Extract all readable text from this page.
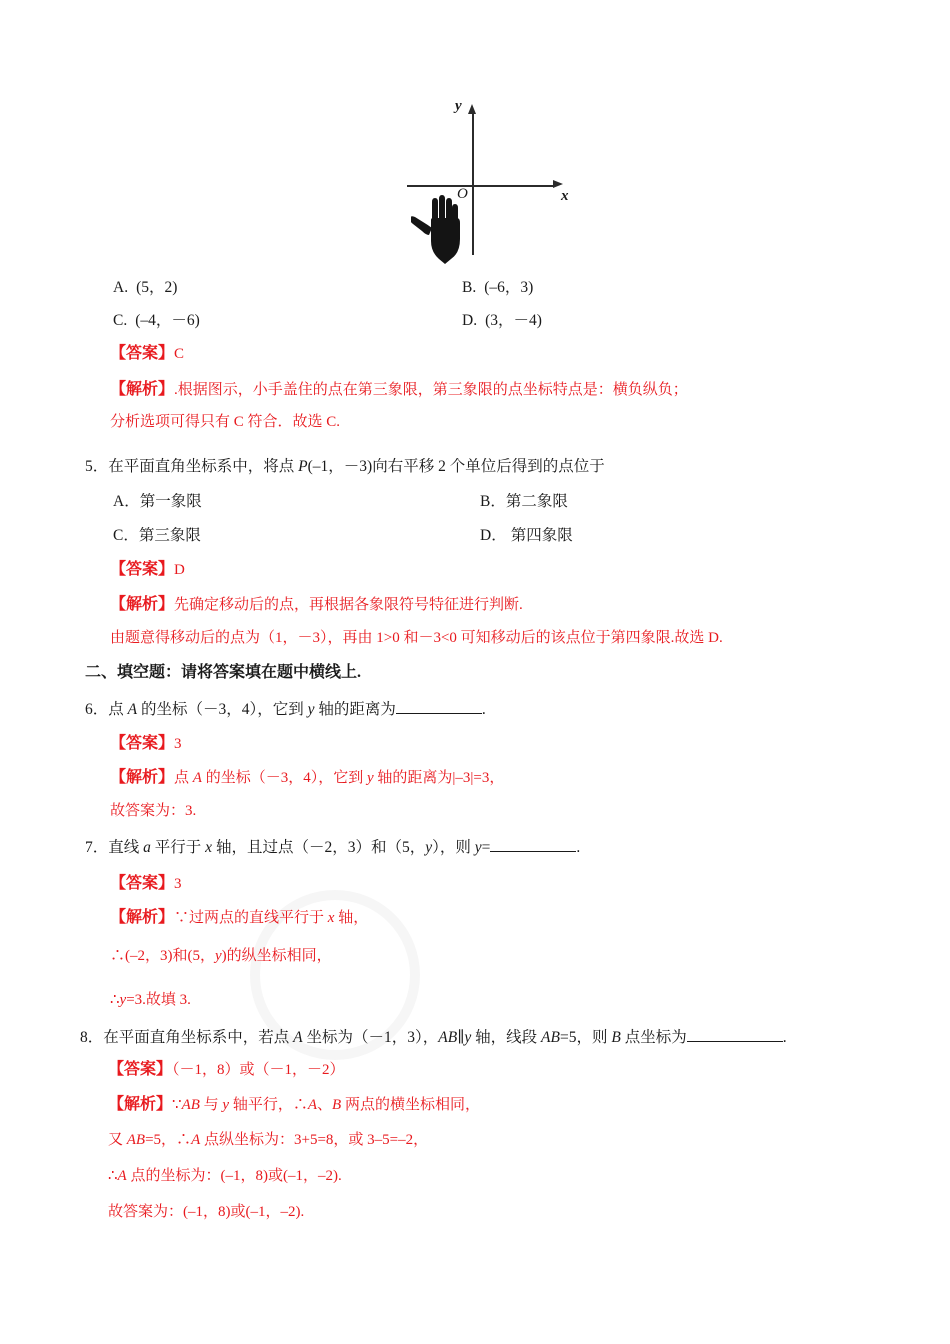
y
x
O
A. (5，2)	B. (–6，3)
C. (–4，－6)	D. (3，－4)
【答案】C
【解析】.根据图示，小手盖住的点在第三象限，第三象限的点坐标特点是：横负纵负；
分析选项可得只有 C 符合．故选 C.
5．在平面直角坐标系中，将点 P(–1，－3)向右平移 2 个单位后得到的点位于
A．第一象限	B．第二象限
C．第三象限	D． 第四象限
【答案】D
【解析】先确定移动后的点，再根据各象限符号特征进行判断.
由题意得移动后的点为（1，－3），再由 1>0 和－3<0 可知移动后的该点位于第四象限.故选 D.
二、填空题：请将答案填在题中横线上.
6．点 A 的坐标（－3，4），它到 y 轴的距离为	.
【答案】3
【解析】点 A 的坐标（－3，4），它到 y 轴的距离为|–3|=3，
故答案为：3.
7．直线 a 平行于 x 轴，且过点（－2，3）和（5，y），则 y=	.
【答案】3
【解析】∵过两点的直线平行于 x 轴，
∴(–2，3)和(5，y)的纵坐标相同，
∴y=3.故填 3.
8．在平面直角坐标系中，若点 A 坐标为（－1，3），AB∥y 轴，线段 AB=5，则 B 点坐标为	.
【答案】（－1，8）或（－1，－2）
【解析】∵AB 与 y 轴平行，∴A、B 两点的横坐标相同，
又 AB=5，∴A 点纵坐标为：3+5=8，或 3–5=–2，
∴A 点的坐标为：(–1，8)或(–1，–2).
故答案为：(–1，8)或(–1，–2).
